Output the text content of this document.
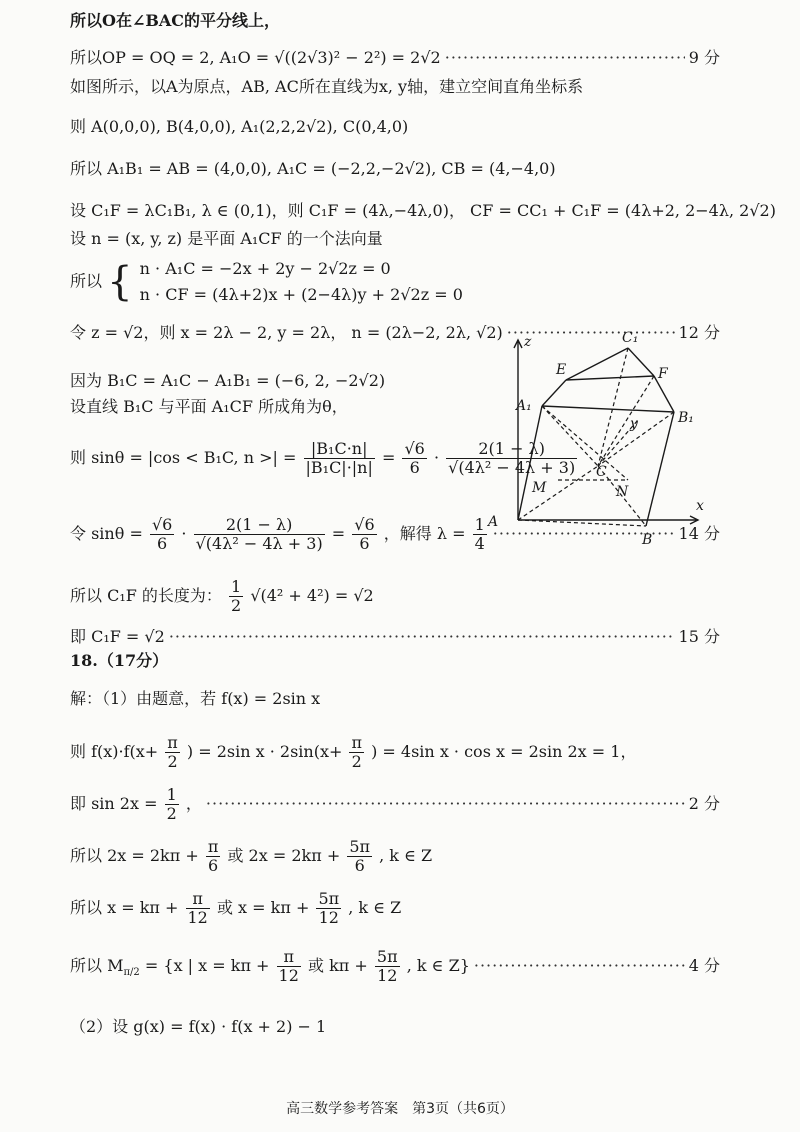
所以O在∠BAC的平分线上，
所以OP = OQ = 2, A₁O = √((2√3)² − 2²) = 2√2 ·····	9 分
如图所示，以A为原点，AB, AC所在直线为x, y轴，建立空间直角坐标系
则 A(0,0,0), B(4,0,0), A₁(2,2,2√2), C(0,4,0)
所以 A₁B₁ = AB = (4,0,0), A₁C = (−2,2,−2√2), CB = (4,−4,0)
设 C₁F = λC₁B₁, λ ∈ (0,1)，则 C₁F = (4λ,−4λ,0)， CF = CC₁ + C₁F = (4λ+2, 2−4λ, 2√2)
设 n = (x, y, z) 是平面 A₁CF 的一个法向量
所以 { n · A₁C = −2x + 2y − 2√2z = 0
n · CF = (4λ+2)x + (2−4λ)y + 2√2z = 0
令 z = √2，则 x = 2λ − 2, y = 2λ， n = (2λ−2, 2λ, √2) ·····	12 分
因为 B₁C = A₁C − A₁B₁ = (−6, 2, −2√2)
设直线 B₁C 与平面 A₁CF 所成角为θ，
则 sinθ = |cos < B₁C, n >| = $\frac{\text{|B₁C·n|}}{\text{|B₁C|·|n|}} = \frac{√6}{6} \cdot \frac{2(1 - \lambda)}{\text{√(4λ² − 4λ + 3)}}$
令 $\sin\theta = \frac{√6}{6} \cdot \frac{2(1 - \lambda)}{\text{√(4λ² − 4λ + 3)}} = \frac{√6}{6}$ ，解得 $\lambda = \frac{1}{4}$ ·····	14 分
所以 C₁F 的长度为： $\frac{1}{2} √(4^2 + 4^2) = √2$
即 C₁F = √2 ·····	15 分
18.（17分）
解：（1）由题意，若 f(x) = 2sin x
则 $f(x)\cdot f(x+ \frac{\pi}{2}$ ) = 2sin $x \cdot 2\sin(x+ \frac{\pi}{2}$ ) = 4sin x · cos x = 2sin 2x = 1，
即 $\sin 2x = \frac{1}{2}$ ， ·····	2 分
所以 $2x = 2k\pi + \frac{\pi}{6}$ 或 $2x = 2k\pi + \frac{5\pi}{6}$ , k ∈ Z
所以 $x = k\pi + \frac{\pi}{12}$ 或 $x = k\pi + \frac{5\pi}{12}$ , k ∈ Z
所以 $M_{\pi/2} = \{x$ | $x = k\pi + \frac{\pi}{12}$ 或 $k\pi + \frac{5\pi}{12}$ , k ∈ Z} ·····	4 分
（2）设 g(x) = f(x) · f(x + 2) − 1
z	C₁
E	F
A₁
B₁
y
C
M	N
A
B
x
高三数学参考答案　第3页（共6页）
